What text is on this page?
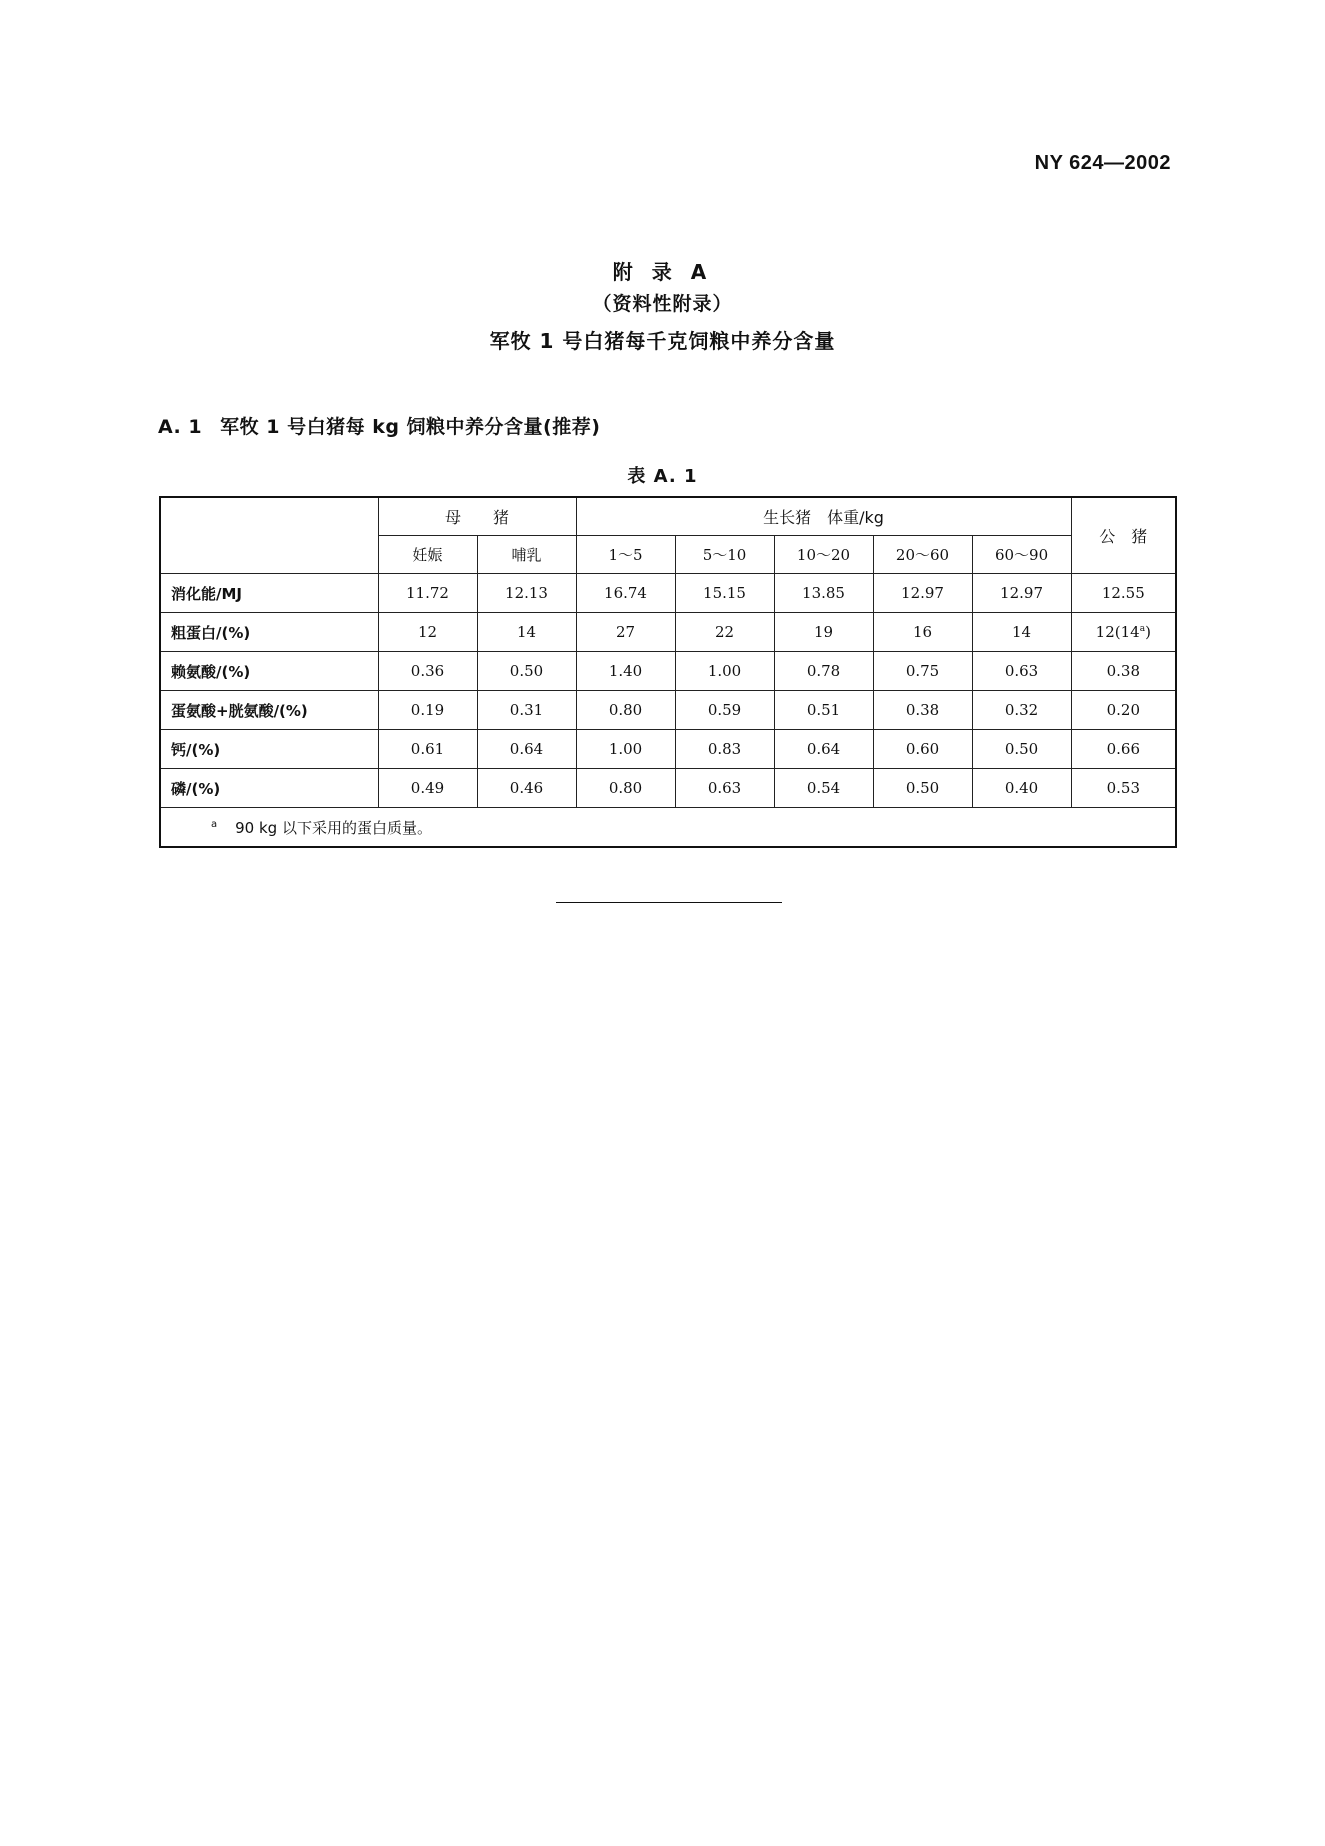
NY 624—2002
附 录 A
（资料性附录）
军牧 1 号白猪每千克饲粮中养分含量
A. 1 军牧 1 号白猪每 kg 饲粮中养分含量(推荐)
表 A. 1
	母　　猪		生长猪　体重/kg					公　猪
	妊娠	哺乳	1～5	5～10	10～20	20～60	60～90	
消化能/MJ	11.72	12.13	16.74	15.15	13.85	12.97	12.97	12.55
粗蛋白/(%)	12	14	27	22	19	16	14	12(14$^a$)
赖氨酸/(%)	0.36	0.50	1.40	1.00	0.78	0.75	0.63	0.38
蛋氨酸+胱氨酸/(%)	0.19	0.31	0.80	0.59	0.51	0.38	0.32	0.20
钙/(%)	0.61	0.64	1.00	0.83	0.64	0.60	0.50	0.66
磷/(%)	0.49	0.46	0.80	0.63	0.54	0.50	0.40	0.53
$^a$ 90 kg 以下采用的蛋白质量。								
